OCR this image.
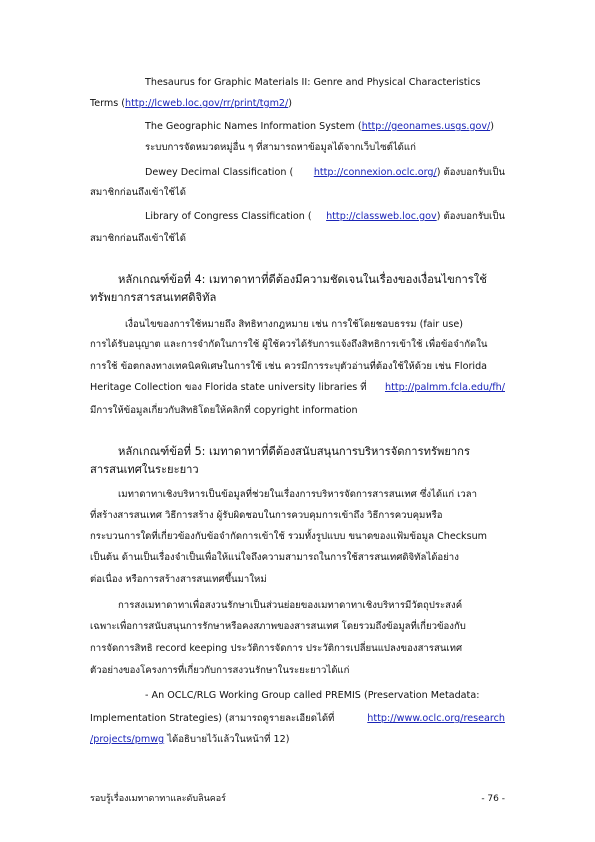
Thesaurus for Graphic Materials II: Genre and Physical Characteristics
Terms (http://lcweb.loc.gov/rr/print/tgm2/)
The Geographic Names Information System (http://geonames.usgs.gov/)
ระบบการจัดหมวดหมู่อื่น ๆ ที่สามารถหาข้อมูลได้จากเว็บไซต์ได้แก่
Dewey Decimal Classification ( http://connexion.oclc.org/) ต้องบอกรับเป็น
สมาชิกก่อนถึงเข้าใช้ได้
Library of Congress Classification ( http://classweb.loc.gov) ต้องบอกรับเป็น
สมาชิกก่อนถึงเข้าใช้ได้
หลักเกณฑ์ข้อที่ 4: เมทาดาทาที่ดีต้องมีความชัดเจนในเรื่องของเงื่อนไขการใช้
ทรัพยากรสารสนเทศดิจิทัล
เงื่อนไขของการใช้หมายถึง สิทธิทางกฎหมาย เช่น การใช้โดยชอบธรรม (fair use)
การได้รับอนุญาต และการจำกัดในการใช้ ผู้ใช้ควรได้รับการแจ้งถึงสิทธิการเข้าใช้ เพื่อข้อจำกัดใน
การใช้ ข้อตกลงทางเทคนิคพิเศษในการใช้ เช่น ควรมีการระบุตัวอ่านที่ต้องใช้ให้ด้วย เช่น Florida
Heritage Collection ของ Florida state university libraries ที่ http://palmm.fcla.edu/fh/
มีการให้ข้อมูลเกี่ยวกับสิทธิโดยให้คลิกที่ copyright information
หลักเกณฑ์ข้อที่ 5: เมทาดาทาที่ดีต้องสนับสนุนการบริหารจัดการทรัพยากร
สารสนเทศในระยะยาว
เมทาดาทาเชิงบริหารเป็นข้อมูลที่ช่วยในเรื่องการบริหารจัดการสารสนเทศ ซึ่งได้แก่ เวลา
ที่สร้างสารสนเทศ วิธีการสร้าง ผู้รับผิดชอบในการควบคุมการเข้าถึง วิธีการควบคุมหรือ
กระบวนการใดที่เกี่ยวข้องกับข้อจำกัดการเข้าใช้ รวมทั้งรูปแบบ ขนาดของแฟ้มข้อมูล Checksum
เป็นต้น ด้านเป็นเรื่องจำเป็นเพื่อให้แน่ใจถึงความสามารถในการใช้สารสนเทศดิจิทัลได้อย่าง
ต่อเนื่อง หรือการสร้างสารสนเทศขึ้นมาใหม่
การสงเมทาดาทาเพื่อสงวนรักษาเป็นส่วนย่อยของเมทาดาทาเชิงบริหารมีวัตถุประสงค์
เฉพาะเพื่อการสนับสนุนการรักษาหรือคงสภาพของสารสนเทศ โดยรวมถึงข้อมูลที่เกี่ยวข้องกับ
การจัดการสิทธิ record keeping ประวัติการจัดการ ประวัติการเปลี่ยนแปลงของสารสนเทศ
ตัวอย่างของโครงการที่เกี่ยวกับการสงวนรักษาในระยะยาวได้แก่
- An OCLC/RLG Working Group called PREMIS (Preservation Metadata:
Implementation Strategies) (สามารถดูรายละเอียดได้ที่	http://www.oclc.org/research
/projects/pmwg ได้อธิบายไว้แล้วในหน้าที่ 12)
รอบรู้เรื่องเมทาดาทาและดับลินคอร์	- 76 -
